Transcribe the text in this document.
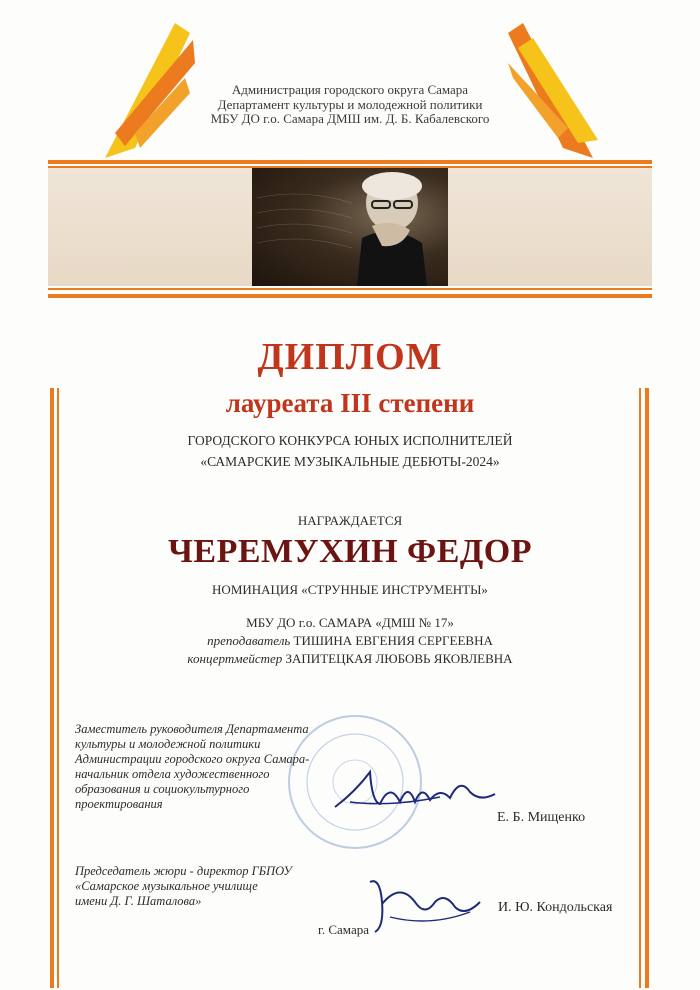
Администрация городского округа Самара
Департамент культуры и молодежной политики
МБУ ДО г.о. Самара ДМШ им. Д. Б. Кабалевского
ДИПЛОМ
лауреата III степени
ГОРОДСКОГО КОНКУРСА ЮНЫХ ИСПОЛНИТЕЛЕЙ
«САМАРСКИЕ МУЗЫКАЛЬНЫЕ ДЕБЮТЫ-2024»
НАГРАЖДАЕТСЯ
ЧЕРЕМУХИН ФЕДОР
НОМИНАЦИЯ «СТРУННЫЕ ИНСТРУМЕНТЫ»
МБУ ДО г.о. САМАРА «ДМШ № 17»
преподаватель ТИШИНА ЕВГЕНИЯ СЕРГЕЕВНА
концертмейстер ЗАПИТЕЦКАЯ ЛЮБОВЬ ЯКОВЛЕВНА
Заместитель руководителя Департамента
культуры и молодежной политики
Администрации городского округа Самара-
начальник отдела художественного
образования и социокультурного
проектирования
Е. Б. Мищенко
Председатель жюри - директор ГБПОУ
«Самарское музыкальное училище
имени Д. Г. Шаталова»	И. Ю. Кондольская
г. Самара
